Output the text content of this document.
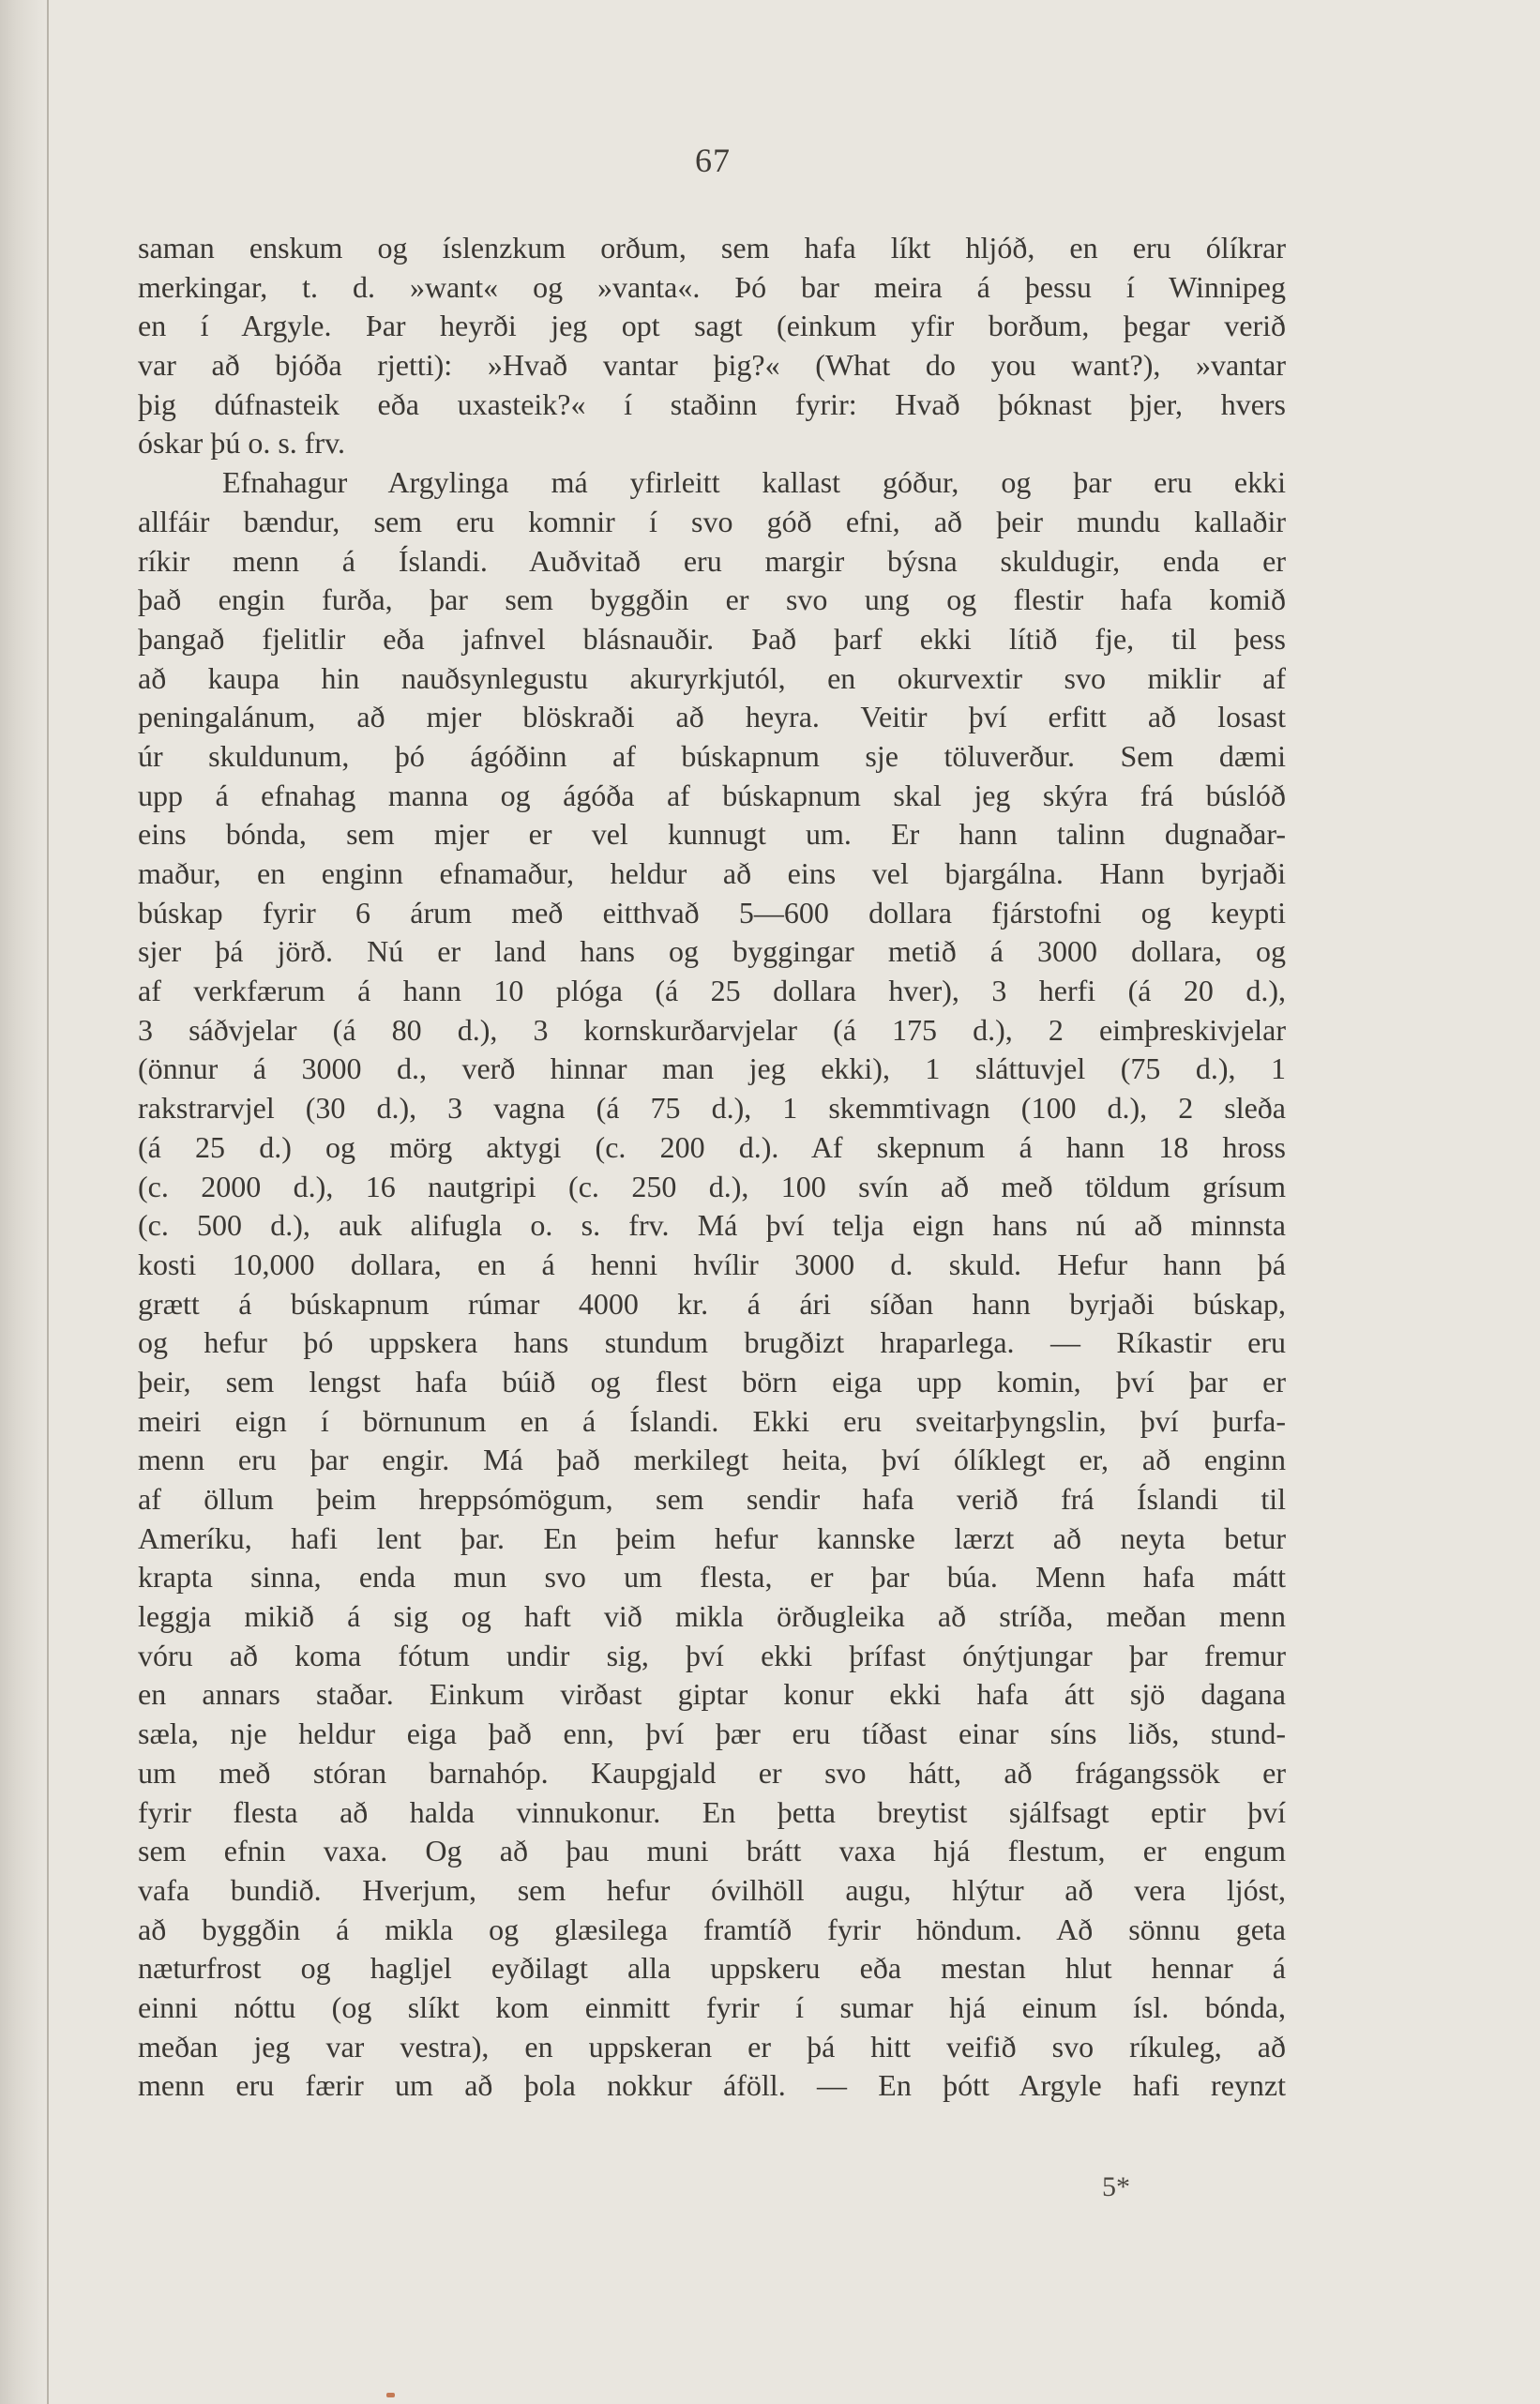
67
saman enskum og íslenzkum orðum, sem hafa líkt hljóð, en eru ólíkrar
merkingar, t. d. »want« og »vanta«. Þó bar meira á þessu í Winnipeg
en í Argyle. Þar heyrði jeg opt sagt (einkum yfir borðum, þegar verið
var að bjóða rjetti): »Hvað vantar þig?« (What do you want?), »vantar
þig dúfnasteik eða uxasteik?« í staðinn fyrir: Hvað þóknast þjer, hvers
óskar þú o. s. frv.
Efnahagur Argylinga má yfirleitt kallast góður, og þar eru ekki
allfáir bændur, sem eru komnir í svo góð efni, að þeir mundu kallaðir
ríkir menn á Íslandi. Auðvitað eru margir býsna skuldugir, enda er
það engin furða, þar sem byggðin er svo ung og flestir hafa komið
þangað fjelitlir eða jafnvel blásnauðir. Það þarf ekki lítið fje, til þess
að kaupa hin nauðsynlegustu akuryrkjutól, en okurvextir svo miklir af
peningalánum, að mjer blöskraði að heyra. Veitir því erfitt að losast
úr skuldunum, þó ágóðinn af búskapnum sje töluverður. Sem dæmi
upp á efnahag manna og ágóða af búskapnum skal jeg skýra frá búslóð
eins bónda, sem mjer er vel kunnugt um. Er hann talinn dugnaðar-
maður, en enginn efnamaður, heldur að eins vel bjargálna. Hann byrjaði
búskap fyrir 6 árum með eitthvað 5—600 dollara fjárstofni og keypti
sjer þá jörð. Nú er land hans og byggingar metið á 3000 dollara, og
af verkfærum á hann 10 plóga (á 25 dollara hver), 3 herfi (á 20 d.),
3 sáðvjelar (á 80 d.), 3 kornskurðarvjelar (á 175 d.), 2 eimþreskivjelar
(önnur á 3000 d., verð hinnar man jeg ekki), 1 sláttuvjel (75 d.), 1
rakstrarvjel (30 d.), 3 vagna (á 75 d.), 1 skemmtivagn (100 d.), 2 sleða
(á 25 d.) og mörg aktygi (c. 200 d.). Af skepnum á hann 18 hross
(c. 2000 d.), 16 nautgripi (c. 250 d.), 100 svín að með töldum grísum
(c. 500 d.), auk alifugla o. s. frv. Má því telja eign hans nú að minnsta
kosti 10,000 dollara, en á henni hvílir 3000 d. skuld. Hefur hann þá
grætt á búskapnum rúmar 4000 kr. á ári síðan hann byrjaði búskap,
og hefur þó uppskera hans stundum brugðizt hraparlega. — Ríkastir eru
þeir, sem lengst hafa búið og flest börn eiga upp komin, því þar er
meiri eign í börnunum en á Íslandi. Ekki eru sveitarþyngslin, því þurfa-
menn eru þar engir. Má það merkilegt heita, því ólíklegt er, að enginn
af öllum þeim hreppsómögum, sem sendir hafa verið frá Íslandi til
Ameríku, hafi lent þar. En þeim hefur kannske lærzt að neyta betur
krapta sinna, enda mun svo um flesta, er þar búa. Menn hafa mátt
leggja mikið á sig og haft við mikla örðugleika að stríða, meðan menn
vóru að koma fótum undir sig, því ekki þrífast ónýtjungar þar fremur
en annars staðar. Einkum virðast giptar konur ekki hafa átt sjö dagana
sæla, nje heldur eiga það enn, því þær eru tíðast einar síns liðs, stund-
um með stóran barnahóp. Kaupgjald er svo hátt, að frágangssök er
fyrir flesta að halda vinnukonur. En þetta breytist sjálfsagt eptir því
sem efnin vaxa. Og að þau muni brátt vaxa hjá flestum, er engum
vafa bundið. Hverjum, sem hefur óvilhöll augu, hlýtur að vera ljóst,
að byggðin á mikla og glæsilega framtíð fyrir höndum. Að sönnu geta
næturfrost og hagljel eyðilagt alla uppskeru eða mestan hlut hennar á
einni nóttu (og slíkt kom einmitt fyrir í sumar hjá einum ísl. bónda,
meðan jeg var vestra), en uppskeran er þá hitt veifið svo ríkuleg, að
menn eru færir um að þola nokkur áföll. — En þótt Argyle hafi reynzt
5*
